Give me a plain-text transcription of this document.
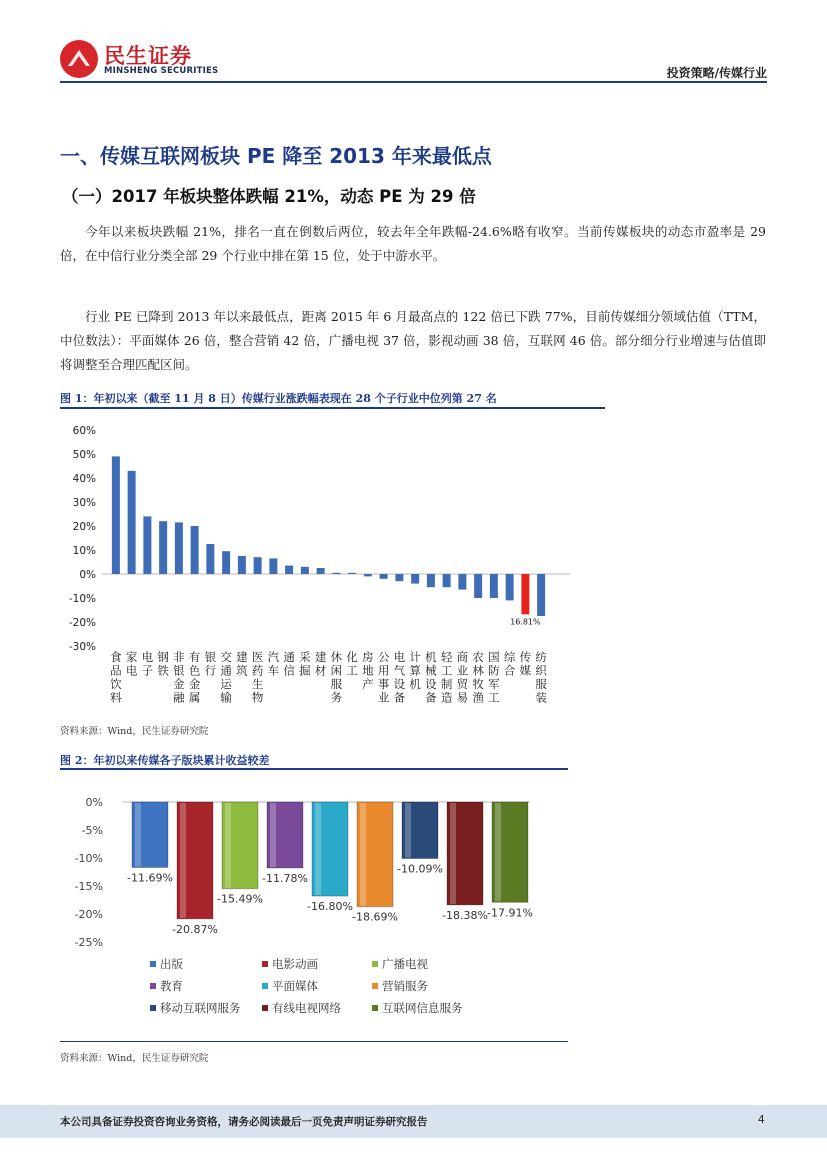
民生证券
MINSHENG SECURITIES	投资策略/传媒行业
一、传媒互联网板块 PE 降至 2013 年来最低点
（一）2017 年板块整体跌幅 21%，动态 PE 为 29 倍
今年以来板块跌幅 21%，排名一直在倒数后两位，较去年全年跌幅-24.6%略有收窄。当前传媒板块的动态市盈率是 29 倍，在中信行业分类全部 29 个行业中排在第 15 位，处于中游水平。
行业 PE 已降到 2013 年以来最低点，距离 2015 年 6 月最高点的 122 倍已下跌 77%，目前传媒细分领域估值（TTM，中位数法）：平面媒体 26 倍，整合营销 42 倍，广播电视 37 倍，影视动画 38 倍，互联网 46 倍。部分细分行业增速与估值即将调整至合理匹配区间。
图 1：年初以来（截至 11 月 8 日）传媒行业涨跌幅表现在 28 个子行业中位列第 27 名
60%
50%
40%
30%
20%
10%
0%
-10%
-20%
-30%
16.81%
食
品
饮
料
家
电
电
子
钢
铁
非
银
金
融
有
色
金
属
银
行
交
通
运
输
建
筑
医
药
生
物
汽
车
通
信
采
掘
建
材
休
闲
服
务
化
工
房
地
产
公
用
事
业
电
气
设
备
计
算
机
机
械
设
备
轻
工
制
造
商
业
贸
易
农
林
牧
渔
国
防
军
工
综
合
传
媒
纺
织
服
装
资料来源：Wind，民生证券研究院
图 2：年初以来传媒各子版块累计收益较差
0%
-5%
-10%
-15%
-20%
-25%
-11.69%
-20.87%
-15.49%
-11.78%
-16.80%
-18.69%
-10.09%
-18.38% -17.91%
出版	电影动画	广播电视
教育	平面媒体	营销服务
移动互联网服务	有线电视网络	互联网信息服务
资料来源：Wind，民生证券研究院
本公司具备证券投资咨询业务资格，请务必阅读最后一页免责声明证券研究报告	4
